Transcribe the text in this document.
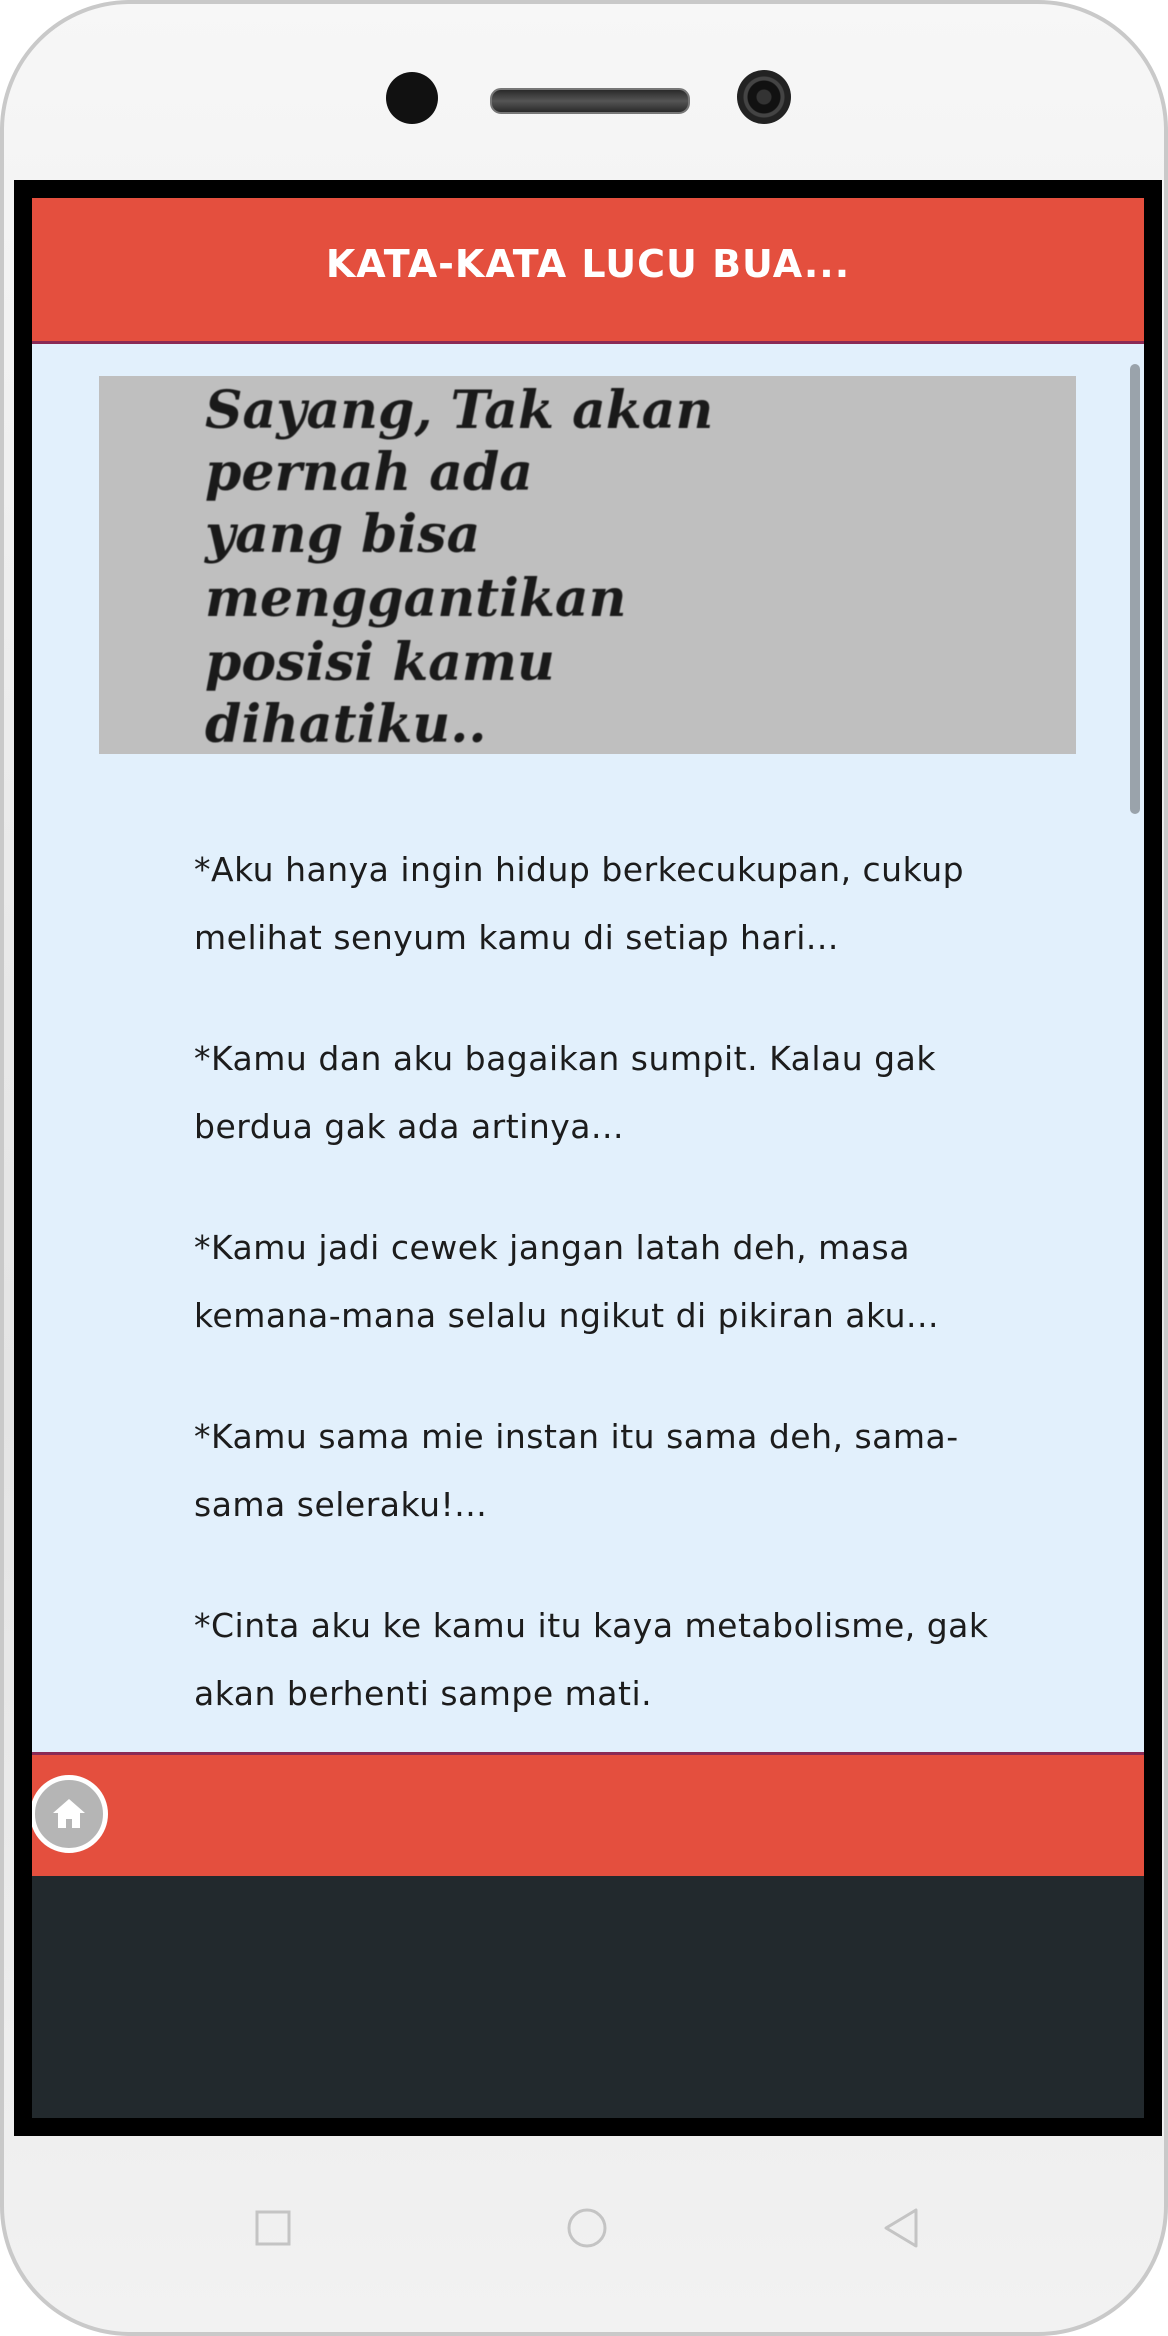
KATA-KATA LUCU BUA...
Sayang, Tak akan
pernah ada
yang bisa
menggantikan
posisi kamu
dihatiku..
*Aku hanya ingin hidup berkecukupan, cukup melihat senyum kamu di setiap hari...
*Kamu dan aku bagaikan sumpit. Kalau gak berdua gak ada artinya...
*Kamu jadi cewek jangan latah deh, masa kemana-mana selalu ngikut di pikiran aku...
*Kamu sama mie instan itu sama deh, sama-sama seleraku!...
*Cinta aku ke kamu itu kaya metabolisme, gak akan berhenti sampe mati.
